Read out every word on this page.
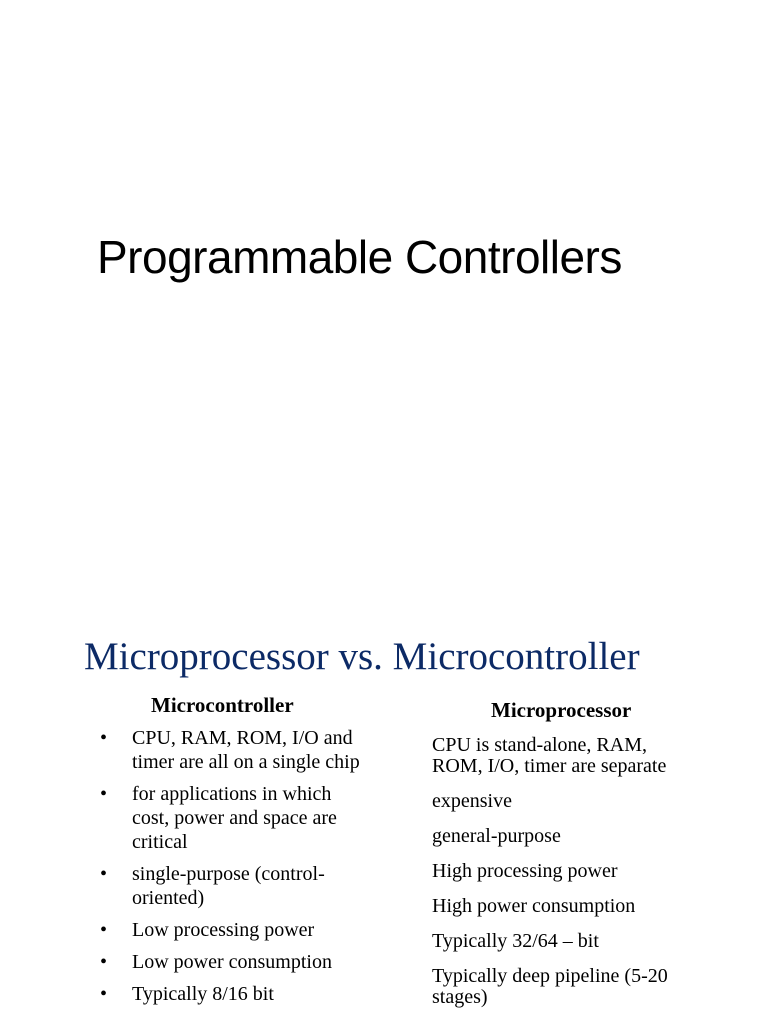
Programmable Controllers
Microprocessor vs. Microcontroller
Microcontroller	Microprocessor
• CPU, RAM, ROM, I/O and timer are all on a single chip
• for applications in which cost, power and space are critical
• single-purpose (control-oriented)
• Low processing power
• Low power consumption
• Typically 8/16 bit
CPU is stand-alone, RAM, ROM, I/O, timer are separate
expensive
general-purpose
High processing power
High power consumption
Typically 32/64 – bit
Typically deep pipeline (5-20 stages)
